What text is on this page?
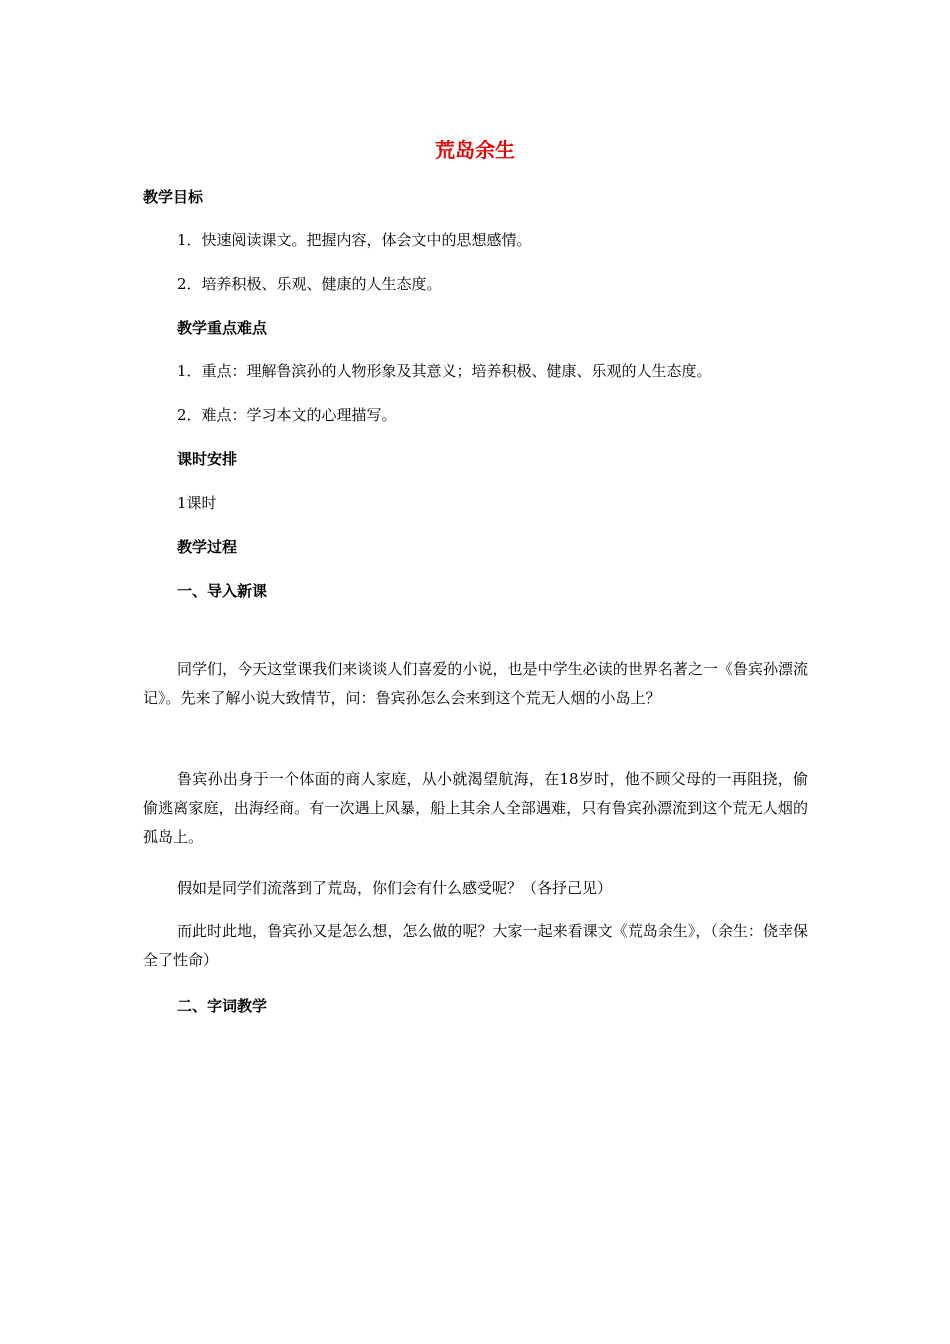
荒岛余生
教学目标
1．快速阅读课文。把握内容，体会文中的思想感情。
2．培养积极、乐观、健康的人生态度。
教学重点难点
1．重点：理解鲁滨孙的人物形象及其意义；培养积极、健康、乐观的人生态度。
2．难点：学习本文的心理描写。
课时安排
1课时
教学过程
一、导入新课
同学们，今天这堂课我们来谈谈人们喜爱的小说，也是中学生必读的世界名著之一《鲁宾孙漂流记》。先来了解小说大致情节，问：鲁宾孙怎么会来到这个荒无人烟的小岛上？
鲁宾孙出身于一个体面的商人家庭，从小就渴望航海，在18岁时，他不顾父母的一再阻挠，偷偷逃离家庭，出海经商。有一次遇上风暴，船上其余人全部遇难，只有鲁宾孙漂流到这个荒无人烟的孤岛上。
假如是同学们流落到了荒岛，你们会有什么感受呢？（各抒己见）
而此时此地，鲁宾孙又是怎么想，怎么做的呢？大家一起来看课文《荒岛余生》，（余生：侥幸保全了性命）
二、字词教学
